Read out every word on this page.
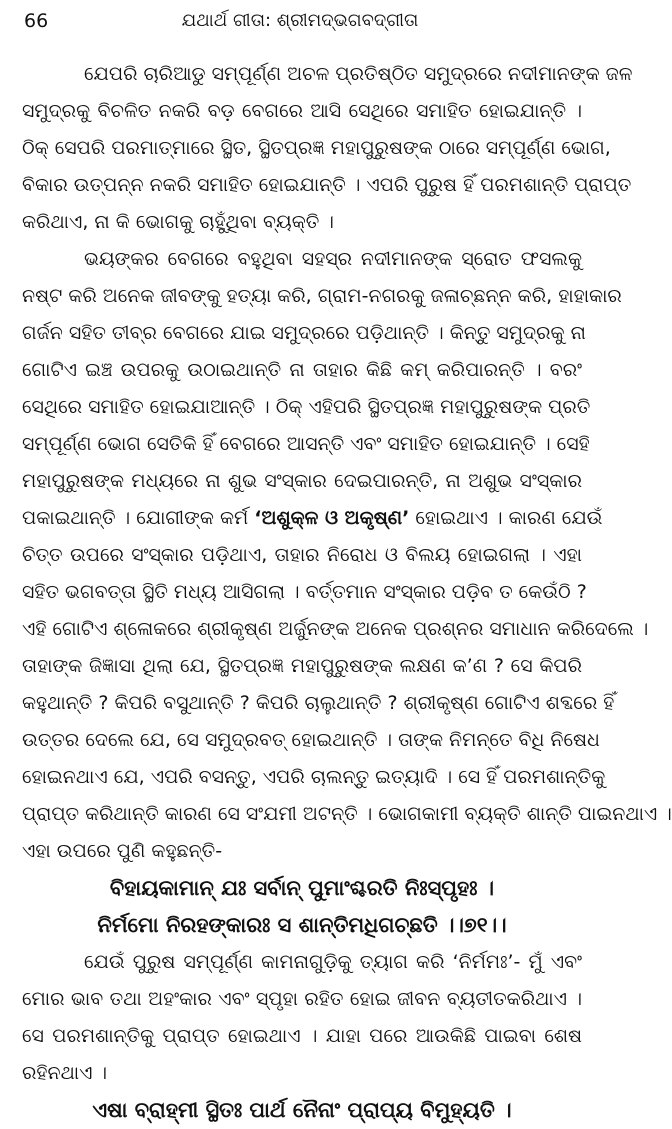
66	ଯଥାର୍ଥ ଗୀତା: ଶ୍ରୀମଦ୍‌ଭଗବଦ୍‌ଗୀତା
ଯେପରି ଚାରିଆଡୁ ସମ୍ପୂର୍ଣ୍ଣ ଅଚଳ ପ୍ରତିଷ୍ଠିତ ସମୁଦ୍ରରେ ନଦୀମାନଙ୍କ ଜଳ
ସମୁଦ୍ରକୁ ବିଚଳିତ ନକରି ବଡ଼ ବେଗରେ ଆସି ସେଥିରେ ସମାହିତ ହୋଇଯାନ୍ତି ।
ଠିକ୍ ସେପରି ପରମାତ୍ମାରେ ସ୍ଥିତ, ସ୍ଥିତପ୍ରଜ୍ଞ ମହାପୁରୁଷଙ୍କ ଠାରେ ସମ୍ପୂର୍ଣ୍ଣ ଭୋଗ,
ବିକାର ଉତ୍ପନ୍ନ ନକରି ସମାହିତ ହୋଇଯାନ୍ତି । ଏପରି ପୁରୁଷ ହିଁ ପରମଶାନ୍ତି ପ୍ରାପ୍ତ
କରିଥାଏ, ନା କି ଭୋଗକୁ ଚାହୁଁଥିବା ବ୍ୟକ୍ତି ।
ଭୟଙ୍କର ବେଗରେ ବହୁଥିବା ସହସ୍ର ନଦୀମାନଙ୍କ ସ୍ରୋତ ଫସଲକୁ
ନଷ୍ଟ କରି ଅନେକ ଜୀବଙ୍କୁ ହତ୍ୟା କରି, ଗ୍ରାମ-ନଗରକୁ ଜଳାଚ୍ଛନ୍ନ କରି, ହାହାକାର
ଗର୍ଜନ ସହିତ ତୀବ୍ର ବେଗରେ ଯାଇ ସମୁଦ୍ରରେ ପଡ଼ିଥାନ୍ତି । କିନ୍ତୁ ସମୁଦ୍ରକୁ ନା
ଗୋଟିଏ ଇଞ୍ଚ ଉପରକୁ ଉଠାଇଥାନ୍ତି ନା ତାହାର କିଛି କମ୍ କରିପାରନ୍ତି । ବରଂ
ସେଥିରେ ସମାହିତ ହୋଇଯାଆନ୍ତି । ଠିକ୍ ଏହିପରି ସ୍ଥିତପ୍ରଜ୍ଞ ମହାପୁରୁଷଙ୍କ ପ୍ରତି
ସମ୍ପୂର୍ଣ୍ଣ ଭୋଗ ସେତିକି ହିଁ ବେଗରେ ଆସନ୍ତି ଏବଂ ସମାହିତ ହୋଇଯାନ୍ତି । ସେହି
ମହାପୁରୁଷଙ୍କ ମଧ୍ୟରେ ନା ଶୁଭ ସଂସ୍କାର ଦେଇପାରନ୍ତି, ନା ଅଶୁଭ ସଂସ୍କାର
ପକାଇଥାନ୍ତି । ଯୋଗୀଙ୍କ କର୍ମ ‘ଅଶୁକ୍ଳ ଓ ଅକୃଷ୍ଣ’ ହୋଇଥାଏ । କାରଣ ଯେଉଁ
ଚିତ୍ତ ଉପରେ ସଂସ୍କାର ପଡ଼ିଥାଏ, ତାହାର ନିରୋଧ ଓ ବିଲୟ ହୋଇଗଲା । ଏହା
ସହିତ ଭଗବତ୍ତା ସ୍ଥିତି ମଧ୍ୟ ଆସିଗଲା । ବର୍ତ୍ତମାନ ସଂସ୍କାର ପଡ଼ିବ ତ କେଉଁଠି ?
ଏହି ଗୋଟିଏ ଶ୍ଳୋକରେ ଶ୍ରୀକୃଷ୍ଣ ଅର୍ଜୁନଙ୍କ ଅନେକ ପ୍ରଶ୍ନର ସମାଧାନ କରିଦେଲେ ।
ତାହାଙ୍କ ଜିଜ୍ଞାସା ଥିଲା ଯେ, ସ୍ଥିତପ୍ରଜ୍ଞ ମହାପୁରୁଷଙ୍କ ଲକ୍ଷଣ କ’ଣ ? ସେ କିପରି
କହୁଥାନ୍ତି ? କିପରି ବସୁଥାନ୍ତି ? କିପରି ଚାଲୁଥାନ୍ତି ? ଶ୍ରୀକୃଷ୍ଣ ଗୋଟିଏ ଶବ୍ଦରେ ହିଁ
ଉତ୍ତର ଦେଲେ ଯେ, ସେ ସମୁଦ୍ରବତ୍ ହୋଇଥାନ୍ତି । ତାଙ୍କ ନିମନ୍ତେ ବିଧି ନିଷେଧ
ହୋଇନଥାଏ ଯେ, ଏପରି ବସନ୍ତୁ, ଏପରି ଚାଲନ୍ତୁ ଇତ୍ୟାଦି । ସେ ହିଁ ପରମଶାନ୍ତିକୁ
ପ୍ରାପ୍ତ କରିଥାନ୍ତି କାରଣ ସେ ସଂଯମୀ ଅଟନ୍ତି । ଭୋଗକାମୀ ବ୍ୟକ୍ତି ଶାନ୍ତି ପାଇନଥାଏ ।
ଏହା ଉପରେ ପୁଣି କହୁଛନ୍ତି-
ବିହାୟକାମାନ୍ ଯଃ ସର୍ବାନ୍ ପୁମାଂଶ୍ଚରତି ନିଃସ୍ପୃହଃ ।
ନିର୍ମମୋ ନିରହଙ୍କାରଃ ସ ଶାନ୍ତିମଧିଗଚ୍ଛତି ।।୭୧।।
ଯେଉଁ ପୁରୁଷ ସମ୍ପୂର୍ଣ୍ଣ କାମନାଗୁଡ଼ିକୁ ତ୍ୟାଗ କରି ‘ନିର୍ମମଃ’- ମୁଁ ଏବଂ
ମୋର ଭାବ ତଥା ଅହଂକାର ଏବଂ ସ୍ପୃହା ରହିତ ହୋଇ ଜୀବନ ବ୍ୟତୀତକରିଥାଏ ।
ସେ ପରମଶାନ୍ତିକୁ ପ୍ରାପ୍ତ ହୋଇଥାଏ । ଯାହା ପରେ ଆଉକିଛି ପାଇବା ଶେଷ
ରହିନଥାଏ ।
ଏଷା ବ୍ରାହ୍ମୀ ସ୍ଥିତଃ ପାର୍ଥ ନୈନାଂ ପ୍ରାପ୍ୟ ବିମୁହ୍ୟତି ।
